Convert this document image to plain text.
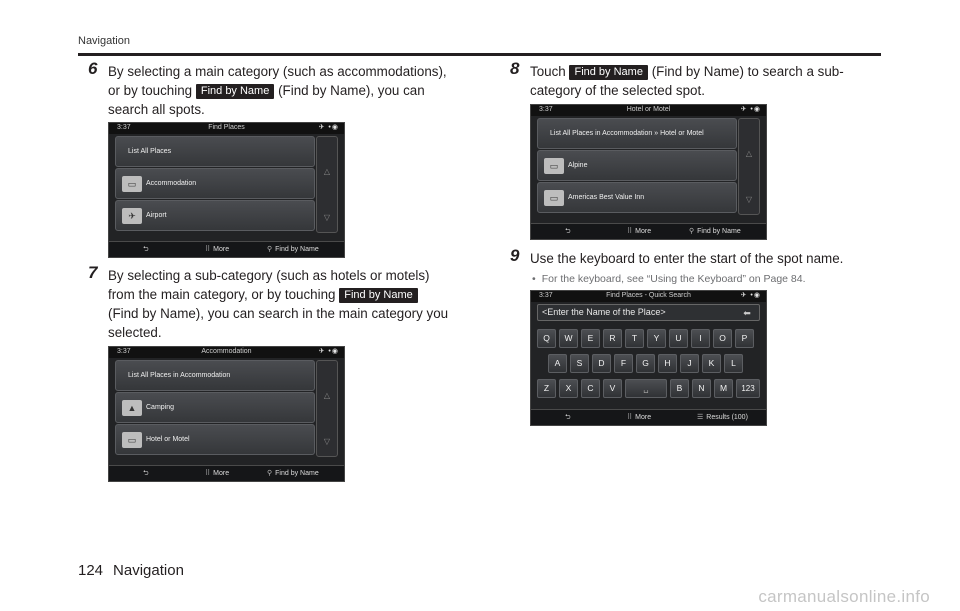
Navigation
6 By selecting a main category (such as accommodations),
or by touching Find by Name (Find by Name), you can
search all spots.
3:37	Find Places	✈ •◉
List All Places
▭	Accommodation
✈	Airport
△
▽
⮌	⠿ More	⚲ Find by Name
7 By selecting a sub-category (such as hotels or motels)
from the main category, or by touching Find by Name
(Find by Name), you can search in the main category you
selected.
3:37	Accommodation	✈ •◉
List All Places in Accommodation
▲	Camping
▭	Hotel or Motel
△
▽
⮌	⠿ More	⚲ Find by Name
8 Touch Find by Name (Find by Name) to search a sub-
category of the selected spot.
3:37	Hotel or Motel	✈ •◉
List All Places in Accommodation » Hotel or Motel
▭	Alpine
▭	Americas Best Value Inn
△
▽
⮌	⠿ More	⚲ Find by Name
9 Use the keyboard to enter the start of the spot name.
• For the keyboard, see “Using the Keyboard” on Page 84.
3:37	Find Places - Quick Search	✈ •◉
<Enter the Name of the Place>	⬅
Q	W	E	R	T	Y	U	I	O	P
A	S	D	F	G	H	J	K	L
Z	X	C	V	␣	B	N	M	123
⮌	⠿ More	☰ Results (100)
124 Navigation
carmanualsonline.info
